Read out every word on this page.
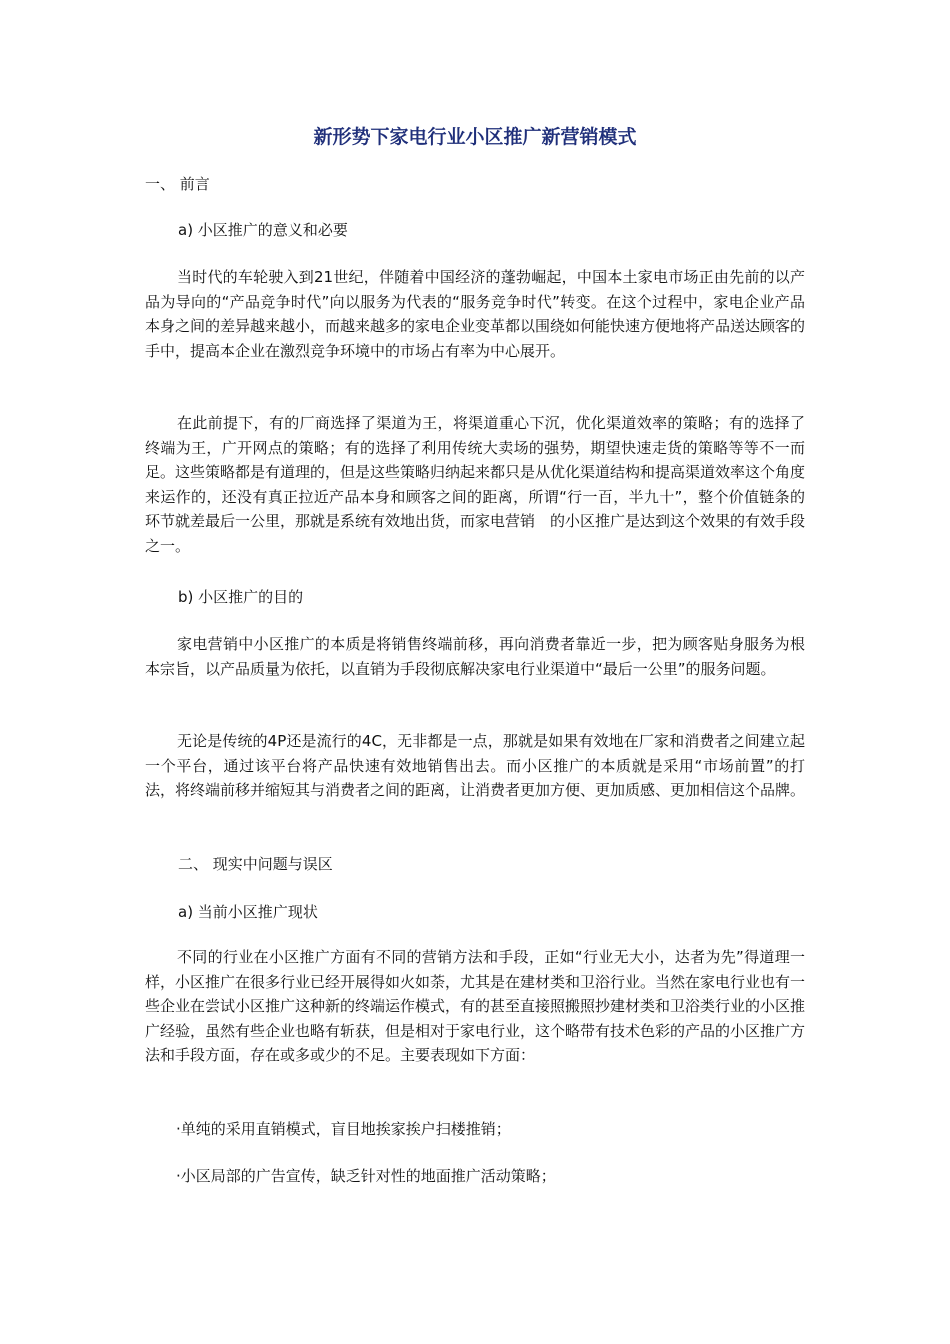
新形势下家电行业小区推广新营销模式

一、 前言

a) 小区推广的意义和必要

当时代的车轮驶入到21世纪，伴随着中国经济的蓬勃崛起，中国本土家电市场正由先前的以产品为导向的“产品竞争时代”向以服务为代表的“服务竞争时代”转变。在这个过程中，家电企业产品本身之间的差异越来越小，而越来越多的家电企业变革都以围绕如何能快速方便地将产品送达顾客的手中，提高本企业在激烈竞争环境中的市场占有率为中心展开。

在此前提下，有的厂商选择了渠道为王，将渠道重心下沉，优化渠道效率的策略；有的选择了终端为王，广开网点的策略；有的选择了利用传统大卖场的强势，期望快速走货的策略等等不一而足。这些策略都是有道理的，但是这些策略归纳起来都只是从优化渠道结构和提高渠道效率这个角度来运作的，还没有真正拉近产品本身和顾客之间的距离，所谓“行一百，半九十”，整个价值链条的环节就差最后一公里，那就是系统有效地出货，而家电营销　的小区推广是达到这个效果的有效手段之一。

b) 小区推广的目的

家电营销中小区推广的本质是将销售终端前移，再向消费者靠近一步，把为顾客贴身服务为根本宗旨，以产品质量为依托，以直销为手段彻底解决家电行业渠道中“最后一公里”的服务问题。

无论是传统的4P还是流行的4C，无非都是一点，那就是如果有效地在厂家和消费者之间建立起一个平台，通过该平台将产品快速有效地销售出去。而小区推广的本质就是采用“市场前置”的打法，将终端前移并缩短其与消费者之间的距离，让消费者更加方便、更加质感、更加相信这个品牌。

二、 现实中问题与误区

a) 当前小区推广现状

不同的行业在小区推广方面有不同的营销方法和手段，正如“行业无大小，达者为先”得道理一样，小区推广在很多行业已经开展得如火如荼，尤其是在建材类和卫浴行业。当然在家电行业也有一些企业在尝试小区推广这种新的终端运作模式，有的甚至直接照搬照抄建材类和卫浴类行业的小区推广经验，虽然有些企业也略有斩获，但是相对于家电行业，这个略带有技术色彩的产品的小区推广方法和手段方面，存在或多或少的不足。主要表现如下方面：

·单纯的采用直销模式，盲目地挨家挨户扫楼推销；

·小区局部的广告宣传，缺乏针对性的地面推广活动策略；
